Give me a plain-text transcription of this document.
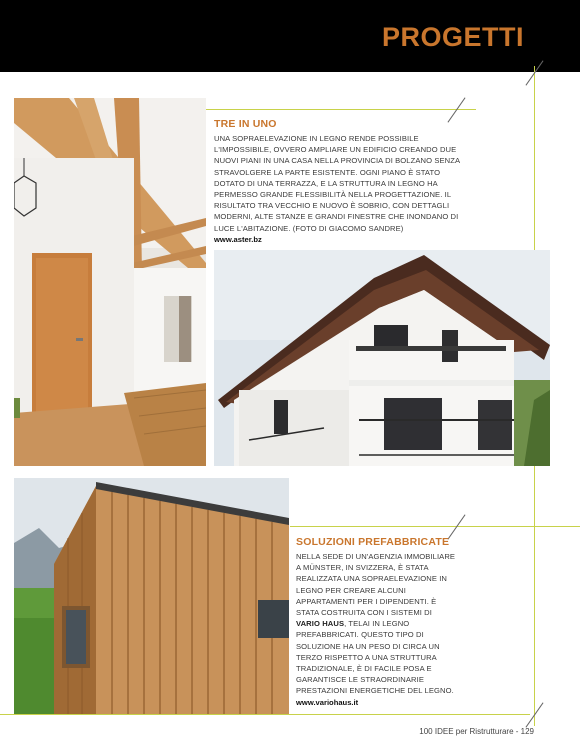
PROGETTI
TRE IN UNO
UNA SOPRAELEVAZIONE IN LEGNO RENDE POSSIBILE L'IMPOSSIBILE, OVVERO AMPLIARE UN EDIFICIO CREANDO DUE NUOVI PIANI IN UNA CASA NELLA PROVINCIA DI BOLZANO SENZA STRAVOLGERE LA PARTE ESISTENTE. OGNI PIANO È STATO DOTATO DI UNA TERRAZZA, E LA STRUTTURA IN LEGNO HA PERMESSO GRANDE FLESSIBILITÀ NELLA PROGETTAZIONE. IL RISULTATO TRA VECCHIO E NUOVO È SOBRIO, CON DETTAGLI MODERNI, ALTE STANZE E GRANDI FINESTRE CHE INONDANO DI LUCE L'ABITAZIONE. (FOTO DI GIACOMO SANDRE)
www.aster.bz
SOLUZIONI PREFABBRICATE
NELLA SEDE DI UN'AGENZIA IMMOBILIARE A MÜNSTER, IN SVIZZERA, È STATA REALIZZATA UNA SOPRAELEVAZIONE IN LEGNO PER CREARE ALCUNI APPARTAMENTI PER I DIPENDENTI. È STATA COSTRUITA CON I SISTEMI DI VARIO HAUS, TELAI IN LEGNO PREFABBRICATI. QUESTO TIPO DI SOLUZIONE HA UN PESO DI CIRCA UN TERZO RISPETTO A UNA STRUTTURA TRADIZIONALE, È DI FACILE POSA E GARANTISCE LE STRAORDINARIE PRESTAZIONI ENERGETICHE DEL LEGNO.
www.variohaus.it
100 IDEE per Ristrutturare - 129
